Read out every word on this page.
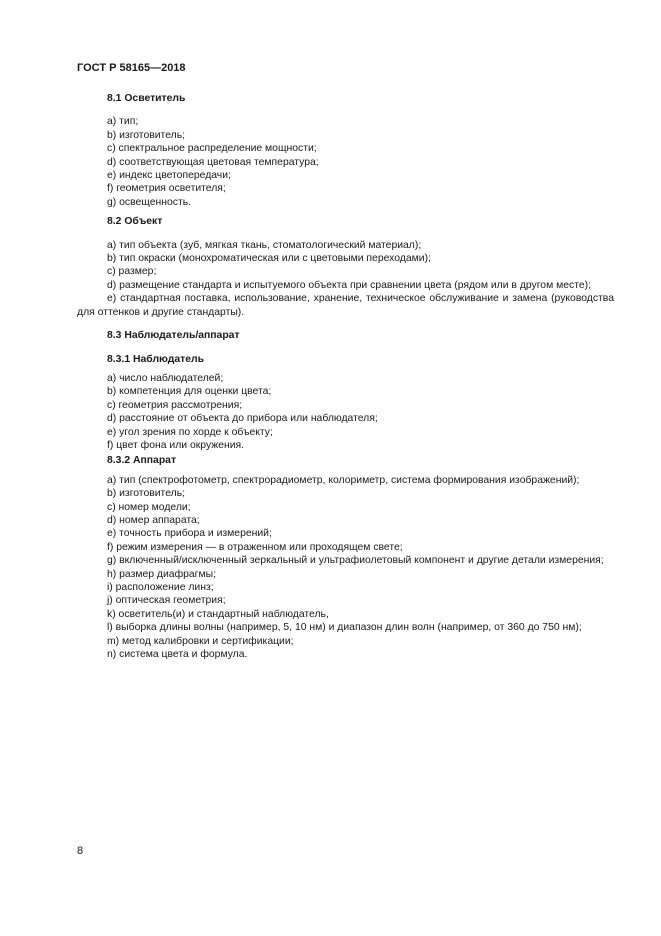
ГОСТ Р 58165—2018

8.1 Осветитель

a) тип;

b) изготовитель;

c) спектральное распределение мощности;

d) соответствующая цветовая температура;

e) индекс цветопередачи;

f) геометрия осветителя;

g) освещенность.

8.2 Объект

a) тип объекта (зуб, мягкая ткань, стоматологический материал);

b) тип окраски (монохроматическая или с цветовыми переходами);

c) размер;

d) размещение стандарта и испытуемого объекта при сравнении цвета (рядом или в другом месте);

e) стандартная поставка, использование, хранение, техническое обслуживание и замена (руководства для оттенков и другие стандарты).

8.3 Наблюдатель/аппарат

8.3.1 Наблюдатель

a) число наблюдателей;

b) компетенция для оценки цвета;

c) геометрия рассмотрения;

d) расстояние от объекта до прибора или наблюдателя;

e) угол зрения по хорде к объекту;

f) цвет фона или окружения.

8.3.2 Аппарат

a) тип (спектрофотометр, спектрорадиометр, колориметр, система формирования изображений);

b) изготовитель;

c) номер модели;

d) номер аппарата;

e) точность прибора и измерений;

f) режим измерения — в отраженном или проходящем свете;

g) включенный/исключенный зеркальный и ультрафиолетовый компонент и другие детали измерения;

h) размер диафрагмы;

i) расположение линз;

j) оптическая геометрия;

k) осветитель(и) и стандартный наблюдатель,

l) выборка длины волны (например, 5, 10 нм) и диапазон длин волн (например, от 360 до 750 нм);

m) метод калибровки и сертификации;

n) система цвета и формула.

8
